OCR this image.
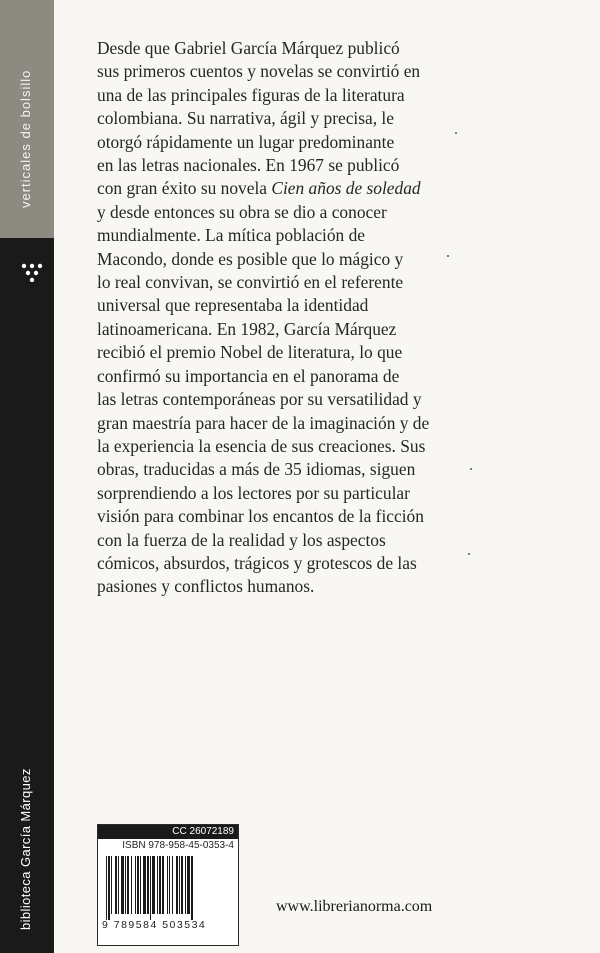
verticales de bolsillo
biblioteca García Márquez
Desde que Gabriel García Márquez publicó
sus primeros cuentos y novelas se convirtió en
una de las principales figuras de la literatura
colombiana. Su narrativa, ágil y precisa, le
otorgó rápidamente un lugar predominante
en las letras nacionales. En 1967 se publicó
con gran éxito su novela Cien años de soledad
y desde entonces su obra se dio a conocer
mundialmente. La mítica población de
Macondo, donde es posible que lo mágico y
lo real convivan, se convirtió en el referente
universal que representaba la identidad
latinoamericana. En 1982, García Márquez
recibió el premio Nobel de literatura, lo que
confirmó su importancia en el panorama de
las letras contemporáneas por su versatilidad y
gran maestría para hacer de la imaginación y de
la experiencia la esencia de sus creaciones. Sus
obras, traducidas a más de 35 idiomas, siguen
sorprendiendo a los lectores por su particular
visión para combinar los encantos de la ficción
con la fuerza de la realidad y los aspectos
cómicos, absurdos, trágicos y grotescos de las
pasiones y conflictos humanos.
CC 26072189
ISBN 978-958-45-0353-4
9 789584 503534
www.librerianorma.com
